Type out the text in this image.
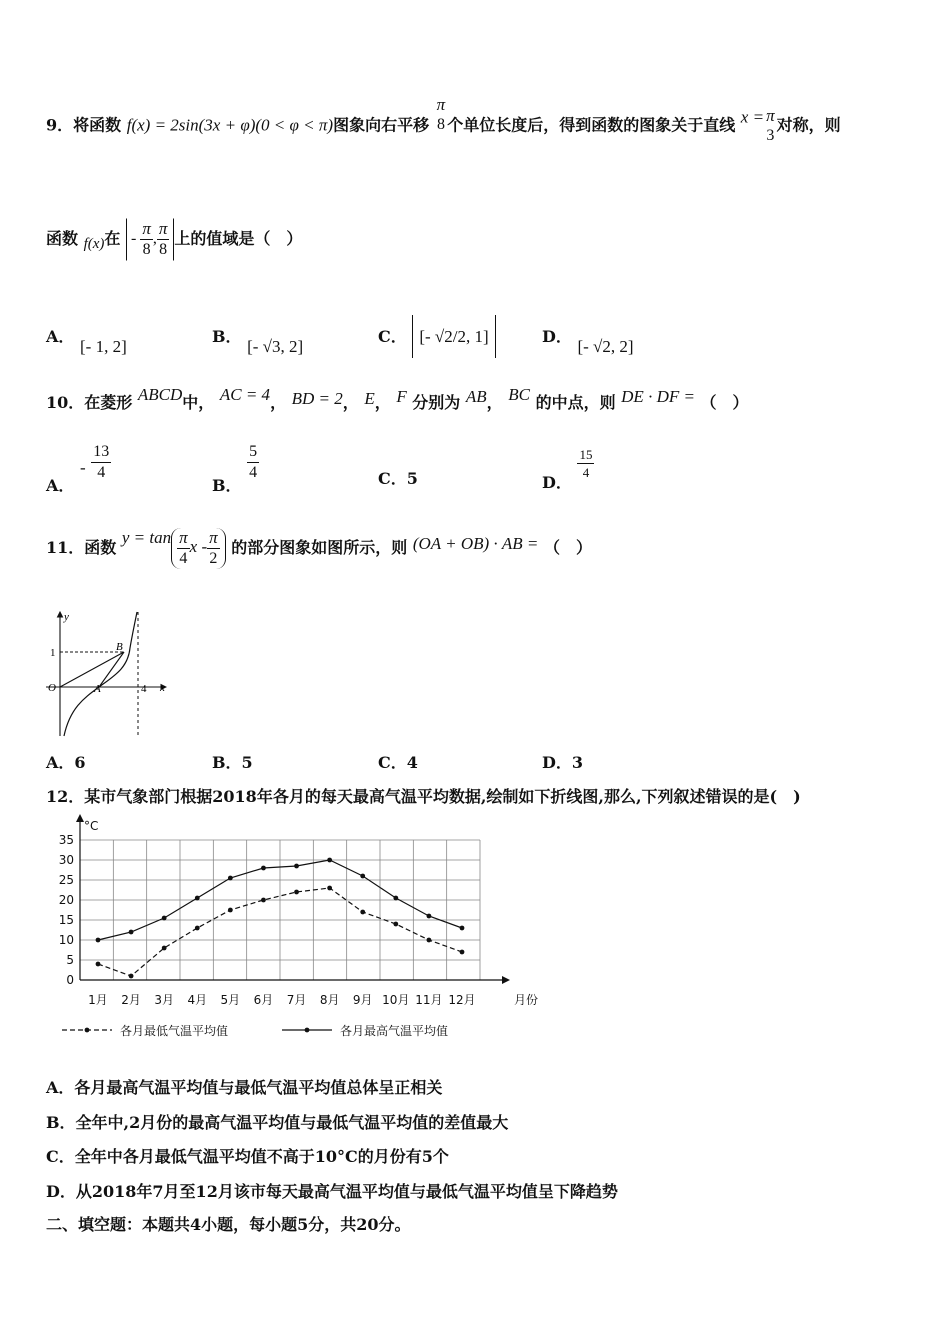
9．将函数 f(x) = 2sin(3x + φ)(0 < φ < π)图象向右平移
π
8 个单位长度后，得到函数的图象关于直线 x = π
3
对称，则
函数 f(x)在 - $\frac{\pi}{8}$ , $\frac{\pi}{8}$ 上的值域是（　）
A． [- 1, 2]
B． [- √3, 2]
C． [- √2/2, 1]	D． [- √2, 2]
10．在菱形 ABCD中， AC = 4， BD = 2， E， F 分别为 AB， BC 的中点，则 DE · DF = （　）
A． - $\frac{13}{4}$
B．
$\frac{5}{4}$	C．5	D．
$\frac{15}{4}$
11．函数 $y = \tan \frac{\pi}{4}$ x - $\frac{\pi}{2}$ 的部分图象如图所示，则 (OA + OB) · AB = （　）
y
x
1
O	A
B
4
A．6	B．5	C．4	D．3
12．某市气象部门根据2018年各月的每天最高气温平均数据,绘制如下折线图,那么,下列叙述错误的是(　)
0
5
10
15
20
25
30
35
°C
月份
1月 2月 3月 4月 5月 6月 7月 8月 9月 10月 11月 12月
各月最低气温平均值	各月最高气温平均值
A．各月最高气温平均值与最低气温平均值总体呈正相关
B．全年中,2月份的最高气温平均值与最低气温平均值的差值最大
C．全年中各月最低气温平均值不高于10°C的月份有5个
D．从2018年7月至12月该市每天最高气温平均值与最低气温平均值呈下降趋势
二、填空题：本题共4小题，每小题5分，共20分。
